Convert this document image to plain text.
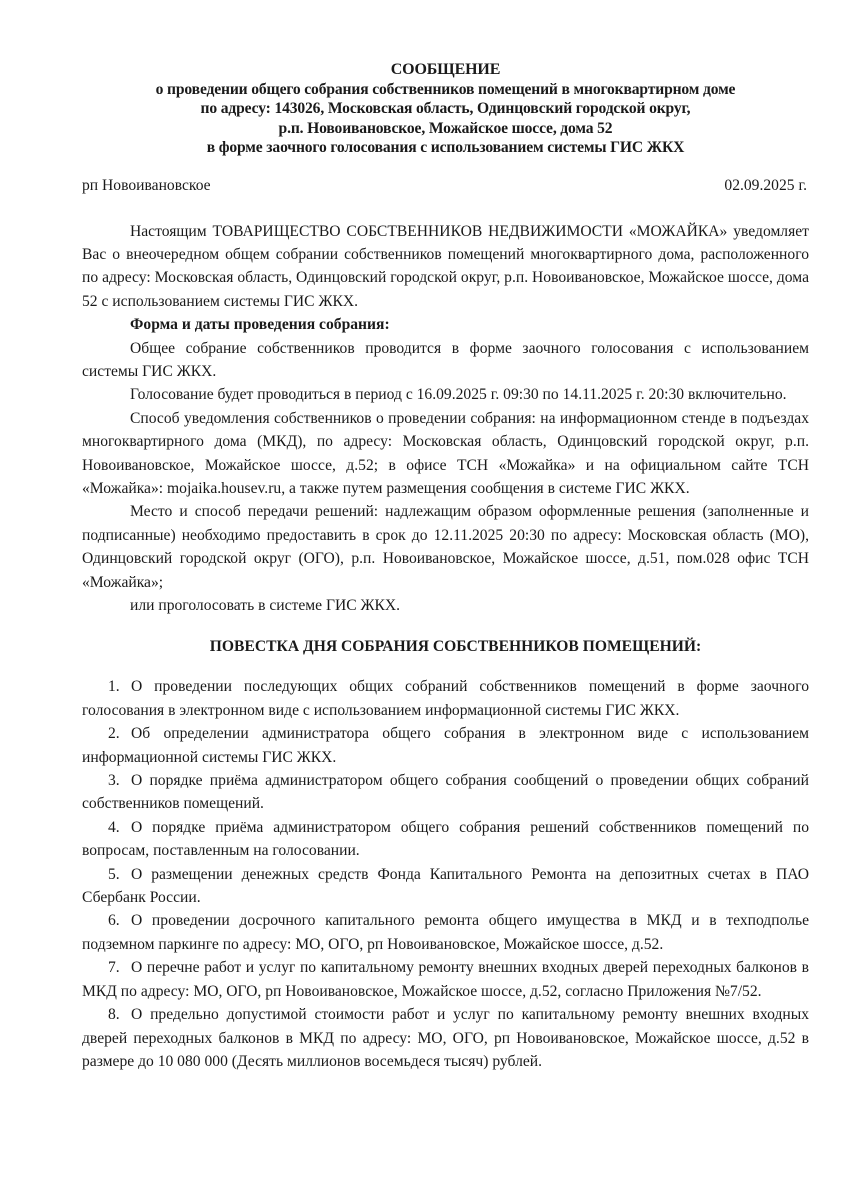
СООБЩЕНИЕ
о проведении общего собрания собственников помещений в многоквартирном доме
по адресу: 143026, Московская область, Одинцовский городской округ,
р.п. Новоивановское, Можайское шоссе, дома 52
в форме заочного голосования с использованием системы ГИС ЖКХ
рп Новоивановское	02.09.2025 г.

Настоящим ТОВАРИЩЕСТВО СОБСТВЕННИКОВ НЕДВИЖИМОСТИ «МОЖАЙКА» уведомляет Вас о внеочередном общем собрании собственников помещений многоквартирного дома, расположенного по адресу: Московская область, Одинцовский городской округ, р.п. Новоивановское, Можайское шоссе, дома 52 с использованием системы ГИС ЖКХ.

Форма и даты проведения собрания:

Общее собрание собственников проводится в форме заочного голосования с использованием системы ГИС ЖКХ.

Голосование будет проводиться в период с 16.09.2025 г. 09:30 по 14.11.2025 г. 20:30 включительно.

Способ уведомления собственников о проведении собрания: на информационном стенде в подъездах многоквартирного дома (МКД), по адресу: Московская область, Одинцовский городской округ, р.п. Новоивановское, Можайское шоссе, д.52; в офисе ТСН «Можайка» и на официальном сайте ТСН «Можайка»: mojaika.housev.ru, а также путем размещения сообщения в системе ГИС ЖКХ.

Место и способ передачи решений: надлежащим образом оформленные решения (заполненные и подписанные) необходимо предоставить в срок до 12.11.2025 20:30 по адресу: Московская область (МО), Одинцовский городской округ (ОГО), р.п. Новоивановское, Можайское шоссе, д.51, пом.028 офис ТСН «Можайка»;

или проголосовать в системе ГИС ЖКХ.

ПОВЕСТКА ДНЯ СОБРАНИЯ СОБСТВЕННИКОВ ПОМЕЩЕНИЙ:

1. О проведении последующих общих собраний собственников помещений в форме заочного голосования в электронном виде с использованием информационной системы ГИС ЖКХ.

2. Об определении администратора общего собрания в электронном виде с использованием информационной системы ГИС ЖКХ.

3. О порядке приёма администратором общего собрания сообщений о проведении общих собраний собственников помещений.

4. О порядке приёма администратором общего собрания решений собственников помещений по вопросам, поставленным на голосовании.

5. О размещении денежных средств Фонда Капитального Ремонта на депозитных счетах в ПАО Сбербанк России.

6. О проведении досрочного капитального ремонта общего имущества в МКД и в техподполье подземном паркинге по адресу: МО, ОГО, рп Новоивановское, Можайское шоссе, д.52.

7. О перечне работ и услуг по капитальному ремонту внешних входных дверей переходных балконов в МКД по адресу: МО, ОГО, рп Новоивановское, Можайское шоссе, д.52, согласно Приложения №7/52.

8. О предельно допустимой стоимости работ и услуг по капитальному ремонту внешних входных дверей переходных балконов в МКД по адресу: МО, ОГО, рп Новоивановское, Можайское шоссе, д.52 в размере до 10 080 000 (Десять миллионов восемьдеся тысяч) рублей.
